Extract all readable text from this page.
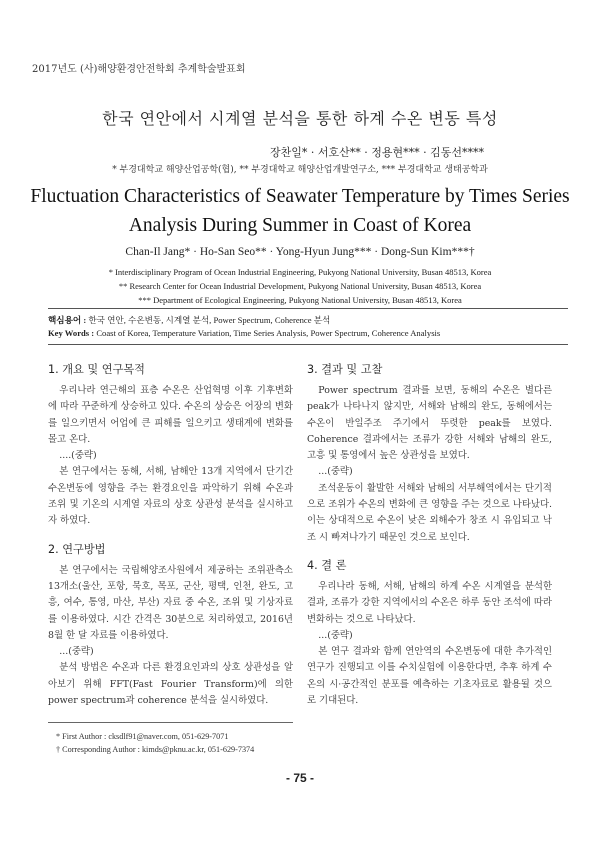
2017년도 (사)해양환경안전학회 추계학술발표회
한국 연안에서 시계열 분석을 통한 하계 수온 변동 특성
장찬일* · 서호산** · 정용현*** · 김동선****
* 부경대학교 해양산업공학(협), ** 부경대학교 해양산업개발연구소, *** 부경대학교 생태공학과
Fluctuation Characteristics of Seawater Temperature by Times Series Analysis During Summer in Coast of Korea
Chan-Il Jang* · Ho-San Seo** · Yong-Hyun Jung*** · Dong-Sun Kim***†
* Interdisciplinary Program of Ocean Industrial Engineering, Pukyong National University, Busan 48513, Korea
** Research Center for Ocean Industrial Development, Pukyong National University, Busan 48513, Korea
*** Department of Ecological Engineering, Pukyong National University, Busan 48513, Korea
핵심용어 : 한국 연안, 수온변동, 시계열 분석, Power Spectrum, Coherence 분석
Key Words : Coast of Korea, Temperature Variation, Time Series Analysis, Power Spectrum, Coherence Analysis
1. 개요 및 연구목적

우리나라 연근해의 표층 수온은 산업혁명 이후 기후변화에 따라 꾸준하게 상승하고 있다. 수온의 상승은 어장의 변화를 일으키면서 어업에 큰 피해를 일으키고 생태계에 변화를 몰고 온다.

....(중략)

본 연구에서는 동해, 서해, 남해안 13개 지역에서 단기간 수온변동에 영향을 주는 환경요인을 파악하기 위해 수온과 조위 및 기온의 시계열 자료의 상호 상관성 분석을 실시하고자 하였다.

2. 연구방법

본 연구에서는 국립해양조사원에서 제공하는 조위관측소 13개소(울산, 포항, 묵호, 목포, 군산, 평택, 인천, 완도, 고흥, 여수, 통영, 마산, 부산) 자료 중 수온, 조위 및 기상자료를 이용하였다. 시간 간격은 30분으로 처리하였고, 2016년 8월 한 달 자료를 이용하였다.

...(중략)

분석 방법은 수온과 다른 환경요인과의 상호 상관성을 알아보기 위해 FFT(Fast Fourier Transform)에 의한 power spectrum과 coherence 분석을 실시하였다.

3. 결과 및 고찰

Power spectrum 결과를 보면, 동해의 수온은 별다른 peak가 나타나지 않지만, 서해와 남해의 완도, 동해에서는 수온이 반일주조 주기에서 뚜렷한 peak를 보였다. Coherence 결과에서는 조류가 강한 서해와 남해의 완도, 고흥 및 통영에서 높은 상관성을 보였다.

...(중략)

조석운동이 활발한 서해와 남해의 서부해역에서는 단기적으로 조위가 수온의 변화에 큰 영향을 주는 것으로 나타났다. 이는 상대적으로 수온이 낮은 외해수가 창조 시 유입되고 낙조 시 빠져나가기 때문인 것으로 보인다.

4. 결 론

우리나라 동해, 서해, 남해의 하계 수온 시계열을 분석한 결과, 조류가 강한 지역에서의 수온은 하루 동안 조석에 따라 변화하는 것으로 나타났다.

...(중략)

본 연구 결과와 함께 연안역의 수온변동에 대한 추가적인 연구가 진행되고 이를 수치실험에 이용한다면, 추후 하계 수온의 시·공간적인 분포를 예측하는 기초자료로 활용될 것으로 기대된다.

* First Author : cksdlf91@naver.com, 051-629-7071
† Corresponding Author : kimds@pknu.ac.kr, 051-629-7374
- 75 -
